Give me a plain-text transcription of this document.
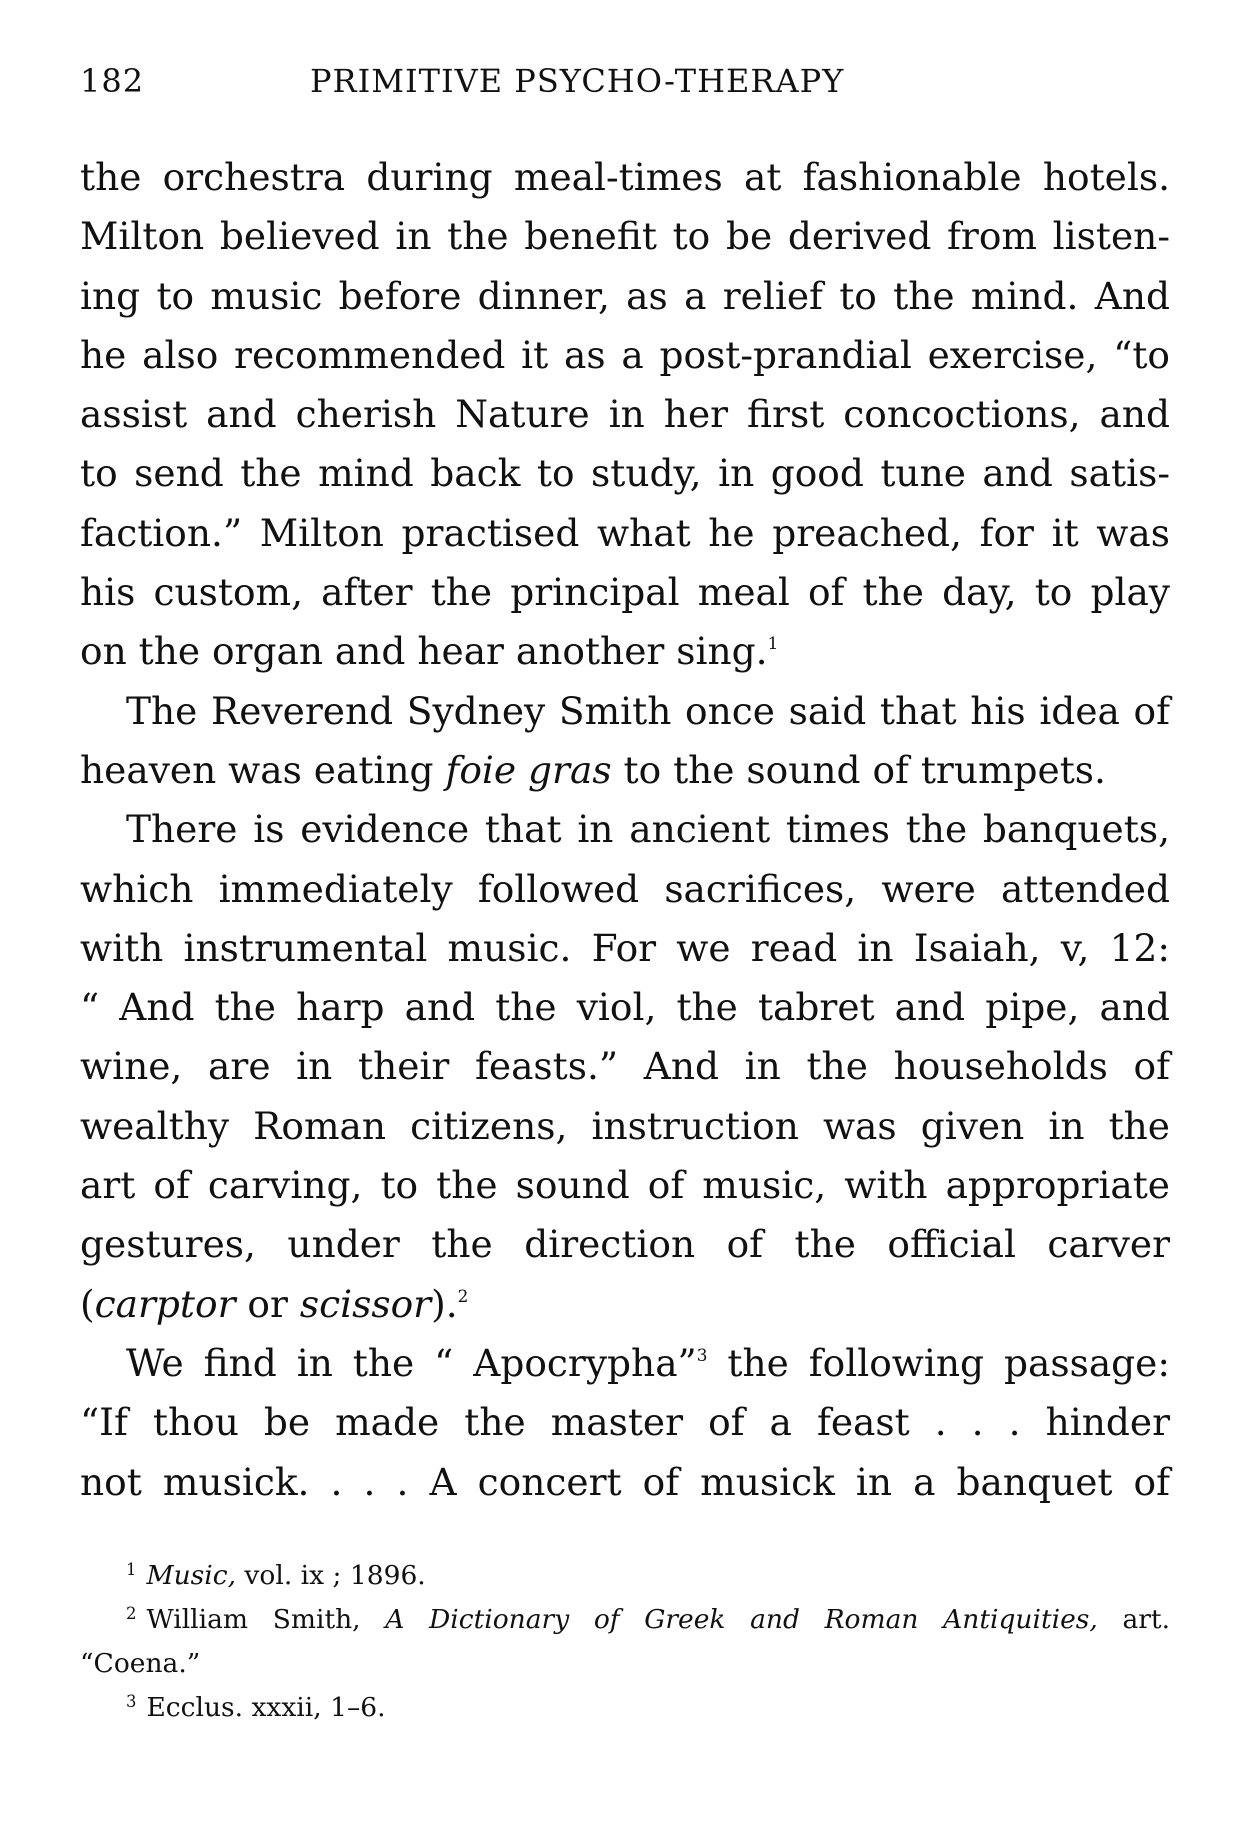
182	PRIMITIVE PSYCHO-THERAPY
the orchestra during meal-times at fashionable hotels.
Milton believed in the benefit to be derived from listen-
ing to music before dinner, as a relief to the mind. And
he also recommended it as a post-prandial exercise, “to
assist and cherish Nature in her first concoctions, and
to send the mind back to study, in good tune and satis-
faction.” Milton practised what he preached, for it was
his custom, after the principal meal of the day, to play
on the organ and hear another sing.$^1$
The Reverend Sydney Smith once said that his idea of
heaven was eating foie gras to the sound of trumpets.
There is evidence that in ancient times the banquets,
which immediately followed sacrifices, were attended
with instrumental music. For we read in Isaiah, v, 12:
“ And the harp and the viol, the tabret and pipe, and
wine, are in their feasts.” And in the households of
wealthy Roman citizens, instruction was given in the
art of carving, to the sound of music, with appropriate
gestures, under the direction of the official carver
(carptor or scissor).$^2$
We find in the “ Apocrypha”$^3$ the following passage:
“If thou be made the master of a feast . . . hinder
not musick. . . . A concert of musick in a banquet of
$^1$ Music, vol. ix ; 1896.
$^2$ William Smith, A Dictionary of Greek and Roman Antiquities, art.
“Coena.”
$^3$ Ecclus. xxxii, 1–6.
